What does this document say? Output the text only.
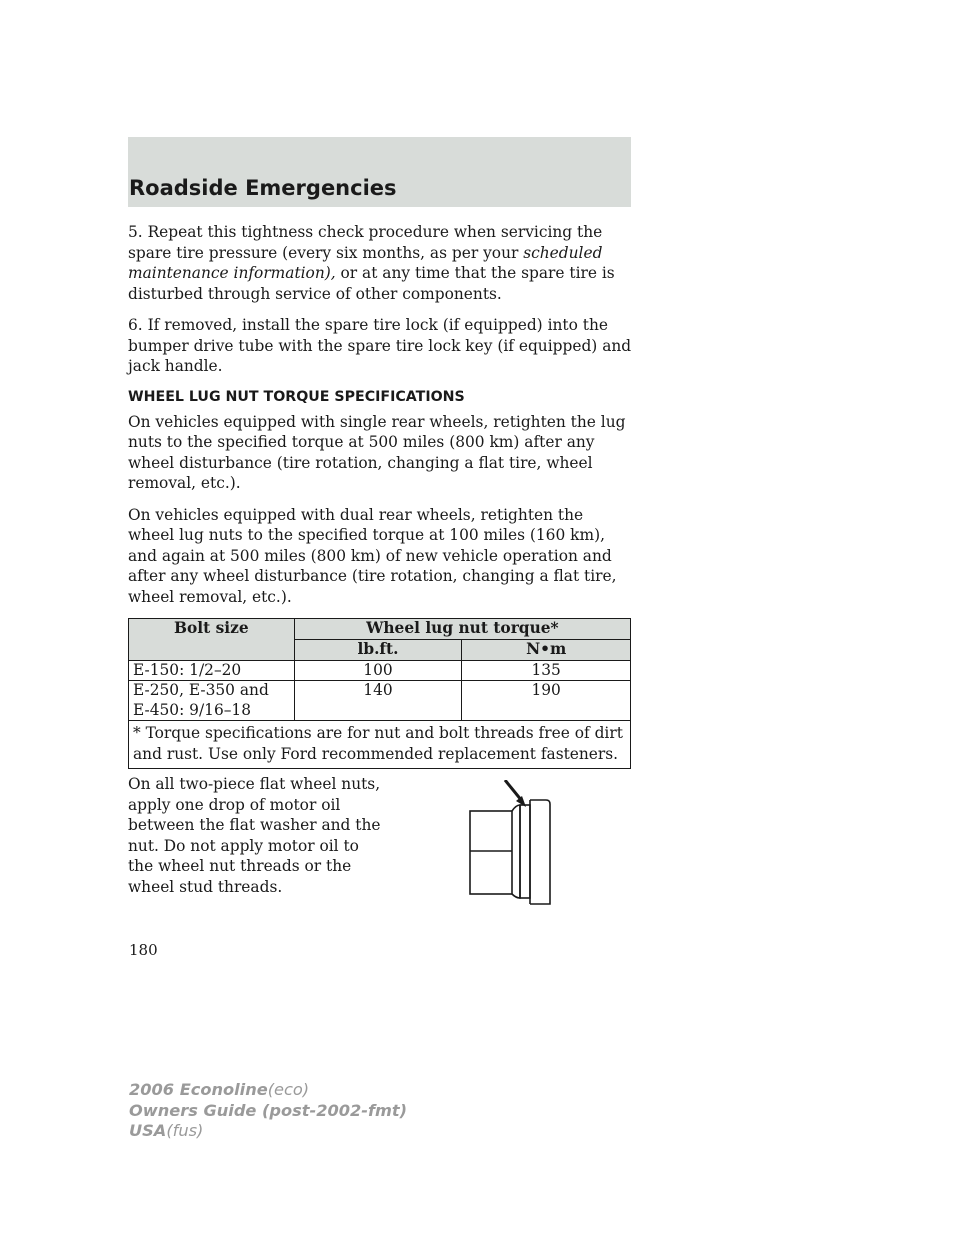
Roadside Emergencies

5. Repeat this tightness check procedure when servicing the spare tire pressure (every six months, as per your scheduled maintenance information), or at any time that the spare tire is disturbed through service of other components.

6. If removed, install the spare tire lock (if equipped) into the bumper drive tube with the spare tire lock key (if equipped) and jack handle.

WHEEL LUG NUT TORQUE SPECIFICATIONS

On vehicles equipped with single rear wheels, retighten the lug nuts to the specified torque at 500 miles (800 km) after any wheel disturbance (tire rotation, changing a flat tire, wheel removal, etc.).

On vehicles equipped with dual rear wheels, retighten the wheel lug nuts to the specified torque at 100 miles (160 km), and again at 500 miles (800 km) of new vehicle operation and after any wheel disturbance (tire rotation, changing a flat tire, wheel removal, etc.).

Bolt size	Wheel lug nut torque*	
	lb.ft.	N•m
E-150: 1/2–20	100	135

E-250, E-350 and
E-450: 9/16–18	140	190
* Torque specifications are for nut and bolt threads free of dirt and rust. Use only Ford recommended replacement fasteners.		

On all two-piece flat wheel nuts, apply one drop of motor oil between the flat washer and the nut. Do not apply motor oil to the wheel nut threads or the wheel stud threads.

180
2006 Econoline(eco)
Owners Guide (post-2002-fmt)
USA(fus)
